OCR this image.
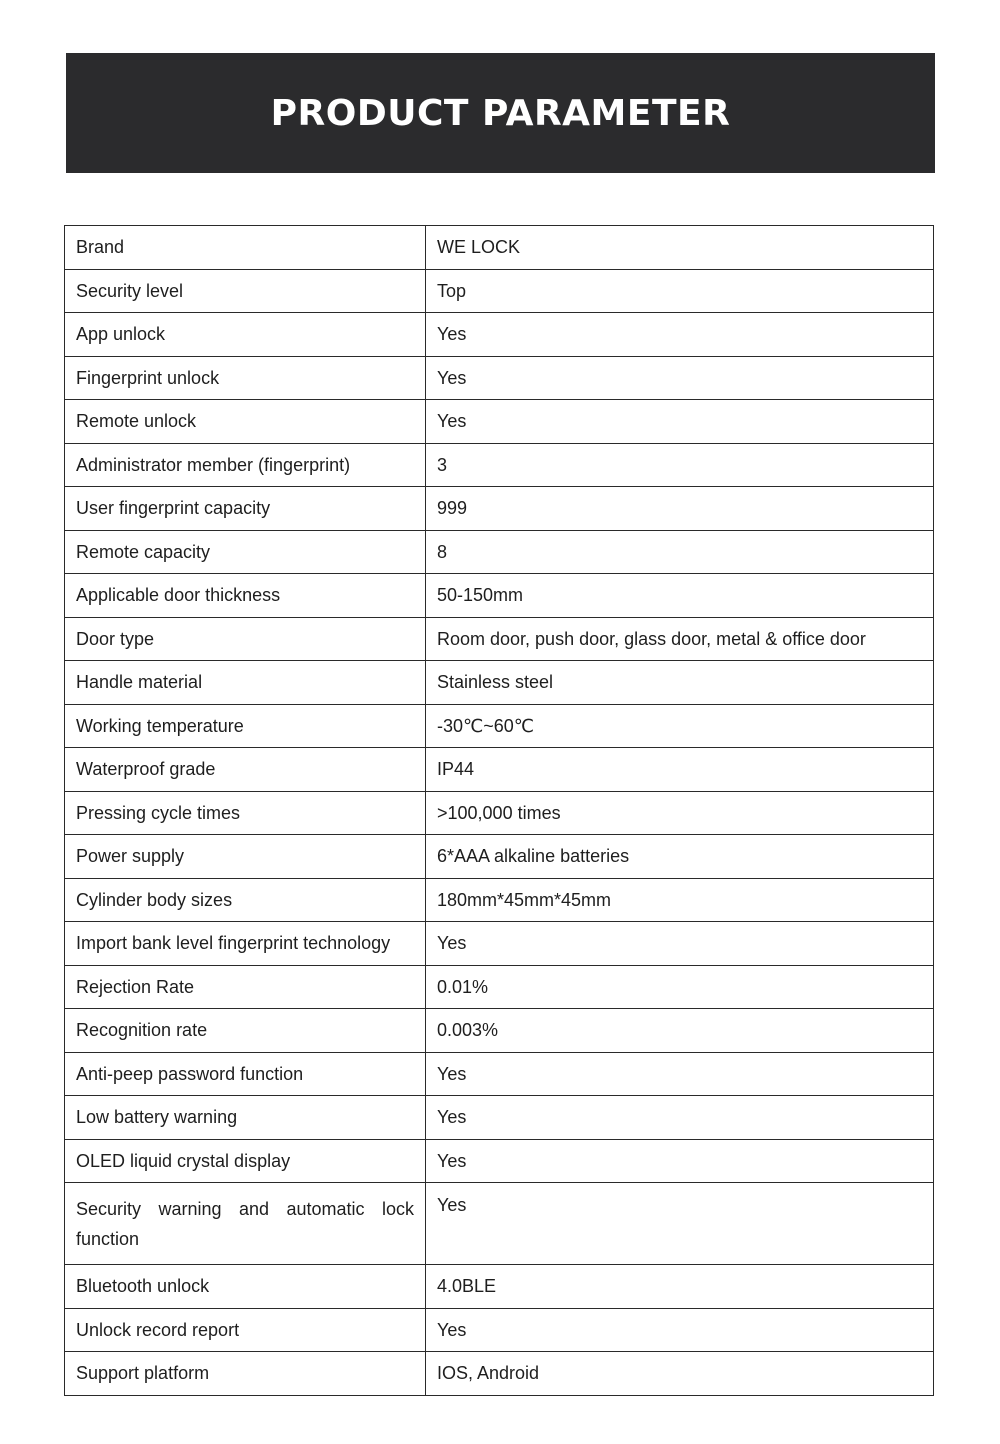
PRODUCT PARAMETER
Brand	WE LOCK
Security level	Top
App unlock	Yes
Fingerprint unlock	Yes
Remote unlock	Yes
Administrator member (fingerprint)	3
User fingerprint capacity	999
Remote capacity	8
Applicable door thickness	50-150mm
Door type	Room door, push door, glass door, metal & office door
Handle material	Stainless steel
Working temperature	-30℃~60℃
Waterproof grade	IP44
Pressing cycle times	>100,000 times
Power supply	6*AAA alkaline batteries
Cylinder body sizes	180mm*45mm*45mm
Import bank level fingerprint technology	Yes
Rejection Rate	0.01%
Recognition rate	0.003%
Anti-peep password function	Yes
Low battery warning	Yes
OLED liquid crystal display	Yes
Security warning and automatic lock function	Yes
Bluetooth unlock	4.0BLE
Unlock record report	Yes
Support platform	IOS, Android
